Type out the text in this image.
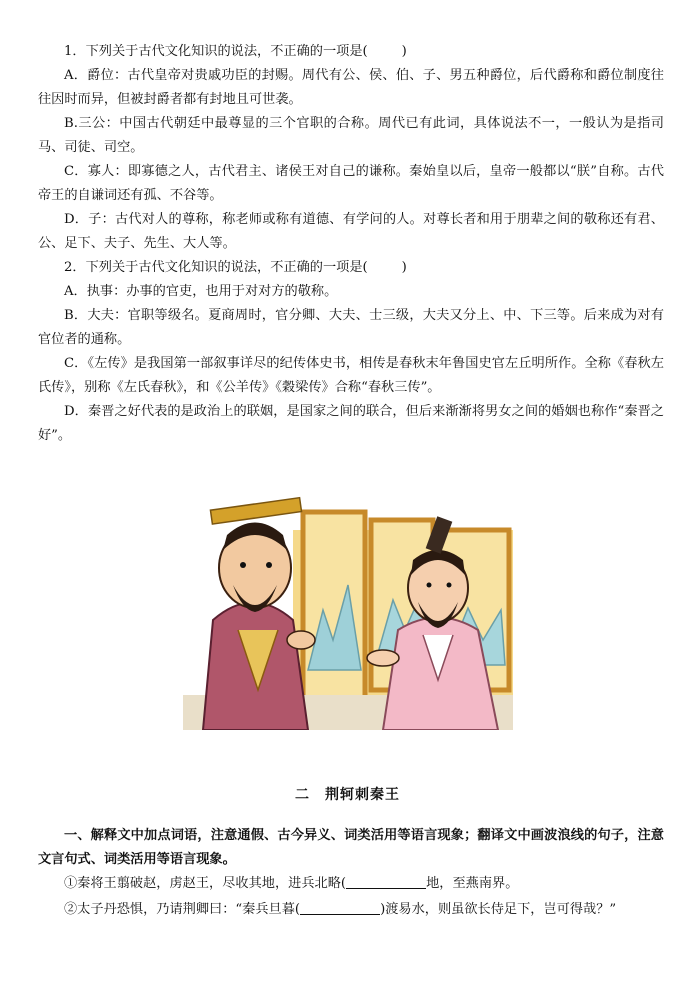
1．下列关于古代文化知识的说法，不正确的一项是(	)
A．爵位：古代皇帝对贵戚功臣的封赐。周代有公、侯、伯、子、男五种爵位，后代爵称和爵位制度往往因时而异，但被封爵者都有封地且可世袭。
B.三公：中国古代朝廷中最尊显的三个官职的合称。周代已有此词，具体说法不一，一般认为是指司马、司徒、司空。
C．寡人：即寡德之人，古代君主、诸侯王对自己的谦称。秦始皇以后，皇帝一般都以“朕”自称。古代帝王的自谦词还有孤、不谷等。
D．子：古代对人的尊称，称老师或称有道德、有学问的人。对尊长者和用于朋辈之间的敬称还有君、公、足下、夫子、先生、大人等。
2．下列关于古代文化知识的说法，不正确的一项是(	)
A．执事：办事的官吏，也用于对对方的敬称。
B．大夫：官职等级名。夏商周时，官分卿、大夫、士三级，大夫又分上、中、下三等。后来成为对有官位者的通称。
C．《左传》是我国第一部叙事详尽的纪传体史书，相传是春秋末年鲁国史官左丘明所作。全称《春秋左氏传》，别称《左氏春秋》，和《公羊传》《穀梁传》合称“春秋三传”。
D．秦晋之好代表的是政治上的联姻，是国家之间的联合，但后来渐渐将男女之间的婚姻也称作“秦晋之好”。
二　荆轲刺秦王
一、解释文中加点词语，注意通假、古今异义、词类活用等语言现象；翻译文中画波浪线的句子，注意文言句式、词类活用等语言现象。
①秦将王翦破赵，虏赵王，尽收其地，进兵北略(	地，至燕南界。
②太子丹恐惧，乃请荆卿曰：“秦兵旦暮(	)渡易水，则虽欲长侍足下，岂可得哉？”
